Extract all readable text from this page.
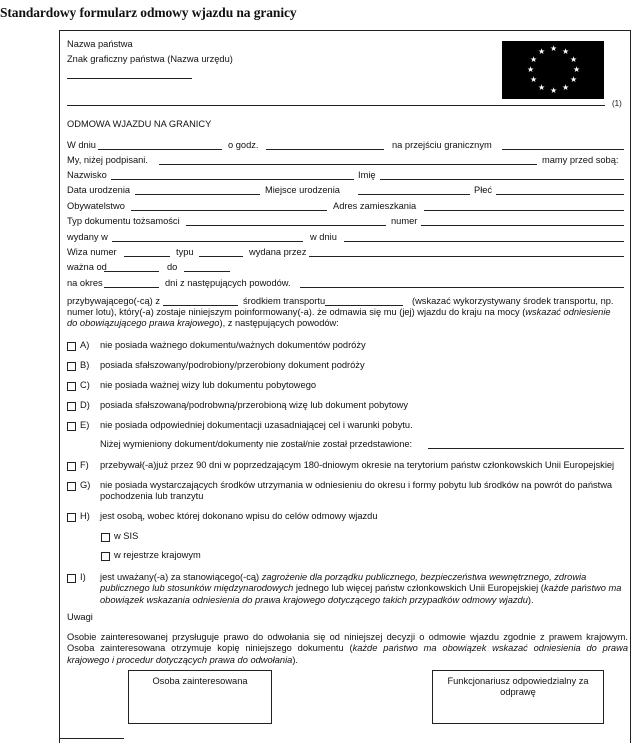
Standardowy formularz odmowy wjazdu na granicy
Nazwa państwa
Znak graficzny państwa (Nazwa urzędu)
★ ★
★
★
★
★
★
★
★
★
★
★
(1)
ODMOWA WJAZDU NA GRANICY
W dniu	o godz.	na przejściu granicznym
My, niżej podpisani.	mamy przed sobą:
Nazwisko	Imię
Data urodzenia	Miejsce urodzenia	Płeć
Obywatelstwo	Adres zamieszkania
Typ dokumentu tożsamości	numer
wydany w	w dniu
Wiza numer	typu	wydana przez
ważna od	do
na okres	dni z następujących powodów.
przybywającego(-cą) z	środkiem transportu	(wskazać wykorzystywany środek transportu, np.
numer lotu), który(-a) zostaje niniejszym poinformowany(-a). że odmawia się mu (jej) wjazdu do kraju na mocy (wskazać odniesienie
do obowiązującego prawa krajowego), z następujących powodów:
A) nie posiada ważnego dokumentu/ważnych dokumentów podróży
B) posiada sfałszowany/podrobiony/przerobiony dokument podróży
C) nie posiada ważnej wizy lub dokumentu pobytowego
D) posiada sfałszowaną/podrobwną/przerobioną wizę lub dokument pobytowy
E) nie posiada odpowiedniej dokumentacji uzasadniającej cel i warunki pobytu.
Niżej wymieniony dokument/dokumenty nie został/nie został przedstawione:
F) przebywał(-a)już przez 90 dni w poprzedzającym 180-dniowym okresie na terytorium państw członkowskich Unii Europejskiej
G) nie posiada wystarczających środków utrzymania w odniesieniu do okresu i formy pobytu lub środków na powrót do państwa pochodzenia lub tranzytu
H) jest osobą, wobec której dokonano wpisu do celów odmowy wjazdu
w SIS
w rejestrze krajowym
I) jest uważany(-a) za stanowiącego(-cą) zagrożenie dla porządku publicznego, bezpieczeństwa wewnętrznego, zdrowia publicznego lub stosunków międzynarodowych jednego lub więcej państw członkowskich Unii Europejskiej (każde państwo ma obowiązek wskazania odniesienia do prawa krajowego dotyczącego takich przypadków odmowy wjazdu).
Uwagi
Osobie zainteresowanej przysługuje prawo do odwołania się od niniejszej decyzji o odmowie wjazdu zgodnie z prawem krajowym. Osoba zainteresowana otrzymuje kopię niniejszego dokumentu (każde państwo ma obowiązek wskazać odniesienia do prawa krajowego i procedur dotyczących prawa do odwołania).
Osoba zainteresowana	Funkcjonariusz odpowiedzialny za odprawę
